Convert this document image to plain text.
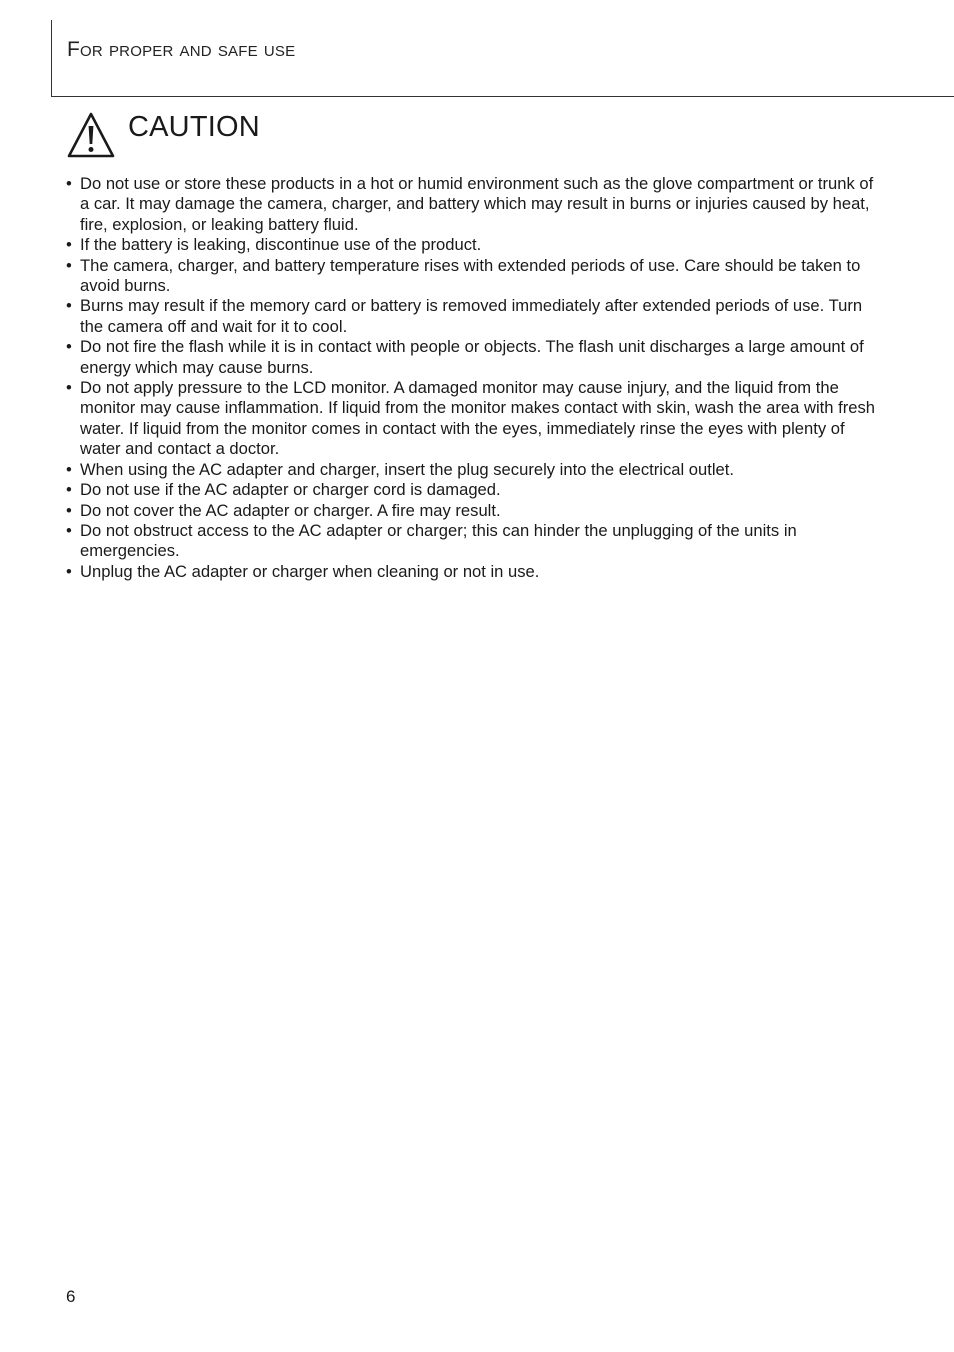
For proper and safe use
CAUTION
• Do not use or store these products in a hot or humid environment such as the glove compartment or trunk of a car. It may damage the camera, charger, and battery which may result in burns or injuries caused by heat, fire, explosion, or leaking battery fluid.
• If the battery is leaking, discontinue use of the product.
• The camera, charger, and battery temperature rises with extended periods of use. Care should be taken to avoid burns.
• Burns may result if the memory card or battery is removed immediately after extended periods of use. Turn the camera off and wait for it to cool.
• Do not fire the flash while it is in contact with people or objects. The flash unit discharges a large amount of energy which may cause burns.
• Do not apply pressure to the LCD monitor. A damaged monitor may cause injury, and the liquid from the monitor may cause inflammation. If liquid from the monitor makes contact with skin, wash the area with fresh water. If liquid from the monitor comes in contact with the eyes, immediately rinse the eyes with plenty of water and contact a doctor.
• When using the AC adapter and charger, insert the plug securely into the electrical outlet.
• Do not use if the AC adapter or charger cord is damaged.
• Do not cover the AC adapter or charger. A fire may result.
• Do not obstruct access to the AC adapter or charger; this can hinder the unplugging of the units in emergencies.
• Unplug the AC adapter or charger when cleaning or not in use.
6
